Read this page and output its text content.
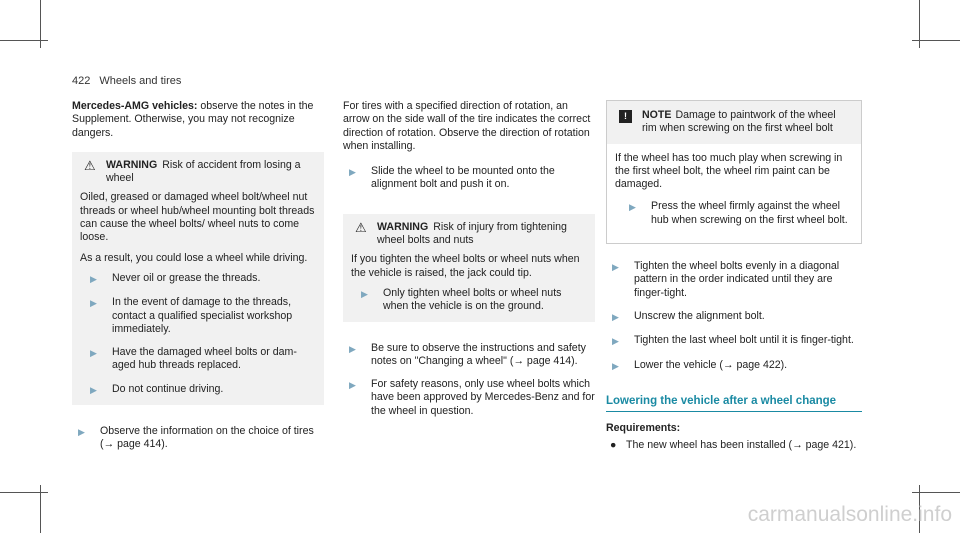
422 Wheels and tires

Mercedes-AMG vehicles: observe the notes in the Supplement. Otherwise, you may not recognize dangers.

⚠ WARNING Risk of accident from losing a wheel

Oiled, greased or damaged wheel bolt/wheel nut threads or wheel hub/wheel mounting bolt threads can cause the wheel bolts/ wheel nuts to come loose.

As a result, you could lose a wheel while driving.

▶ Never oil or grease the threads.
▶ In the event of damage to the threads, contact a qualified specialist workshop immediately.
▶ Have the damaged wheel bolts or damaged hub threads replaced.
▶ Do not continue driving.
▶ Observe the information on the choice of tires (→ page 414).

For tires with a specified direction of rotation, an arrow on the side wall of the tire indicates the correct direction of rotation. Observe the direction of rotation when installing.

▶ Slide the wheel to be mounted onto the alignment bolt and push it on.
⚠ WARNING Risk of injury from tightening wheel bolts and nuts

If you tighten the wheel bolts or wheel nuts when the vehicle is raised, the jack could tip.

▶ Only tighten wheel bolts or wheel nuts when the vehicle is on the ground.
▶ Be sure to observe the instructions and safety notes on "Changing a wheel" (→ page 414).
▶ For safety reasons, only use wheel bolts which have been approved by Mercedes-Benz and for the wheel in question.
!	NOTE Damage to paintwork of the wheel rim when screwing on the first wheel bolt

If the wheel has too much play when screwing in the first wheel bolt, the wheel rim paint can be damaged.

▶ Press the wheel firmly against the wheel hub when screwing on the first wheel bolt.
▶ Tighten the wheel bolts evenly in a diagonal pattern in the order indicated until they are finger-tight.
▶ Unscrew the alignment bolt.
▶ Tighten the last wheel bolt until it is finger-tight.
▶ Lower the vehicle (→ page 422).
Lowering the vehicle after a wheel change

Requirements:

● The new wheel has been installed (→ page 421).
carmanualsonline.info
